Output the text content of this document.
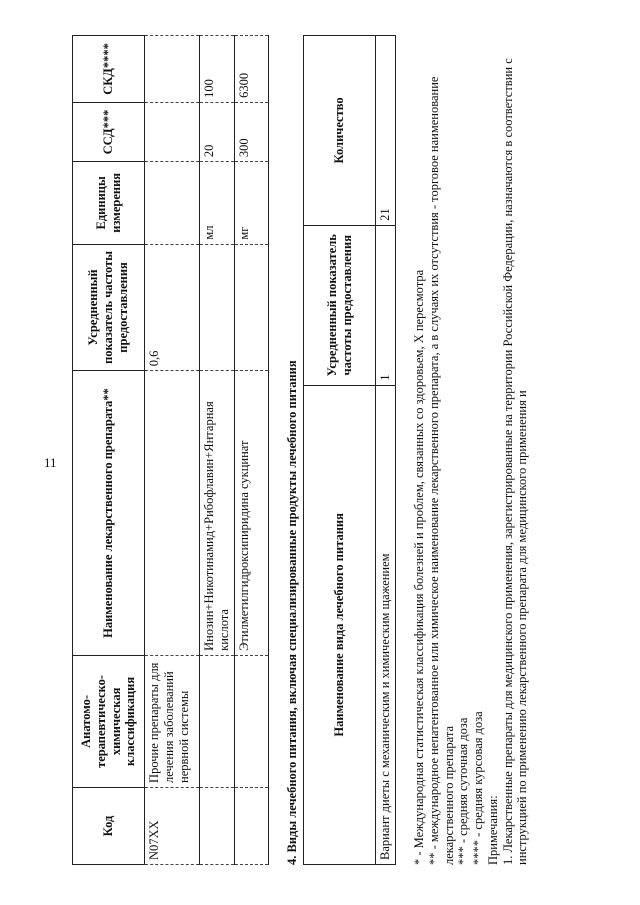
11
Код	Анатомо-терапевтическо-химическая классификация	Наименование лекарственного препарата**	Усредненный показатель частоты предоставления	Единицы измерения	ССД***	СКД****
N07XX	Прочие препараты для лечения заболеваний нервной системы		0,6			
		Инозин+Никотинамид+Рибофлавин+Янтарная кислота		мл	20	100
		Этилметилгидроксипиридина сукцинат		мг	300	6300
4. Виды лечебного питания, включая специализированные продукты лечебного питания	Наименование вида лечебного питания	Усредненный показатель частоты предоставления	Количество
Вариант диеты с механическим и химическим щажением	1	21
* - Международная статистическая классификация болезней и проблем, связанных со здоровьем, X пересмотра ** - международное непатентованное или химическое наименование лекарственного препарата, а в случаях их отсутствия - торговое наименование лекарственного препарата *** - средняя суточная доза **** - средняя курсовая доза Примечания: 1. Лекарственные препараты для медицинского применения, зарегистрированные на территории Российской Федерации, назначаются в соответствии с инструкцией по применению лекарственного препарата для медицинского применения и
